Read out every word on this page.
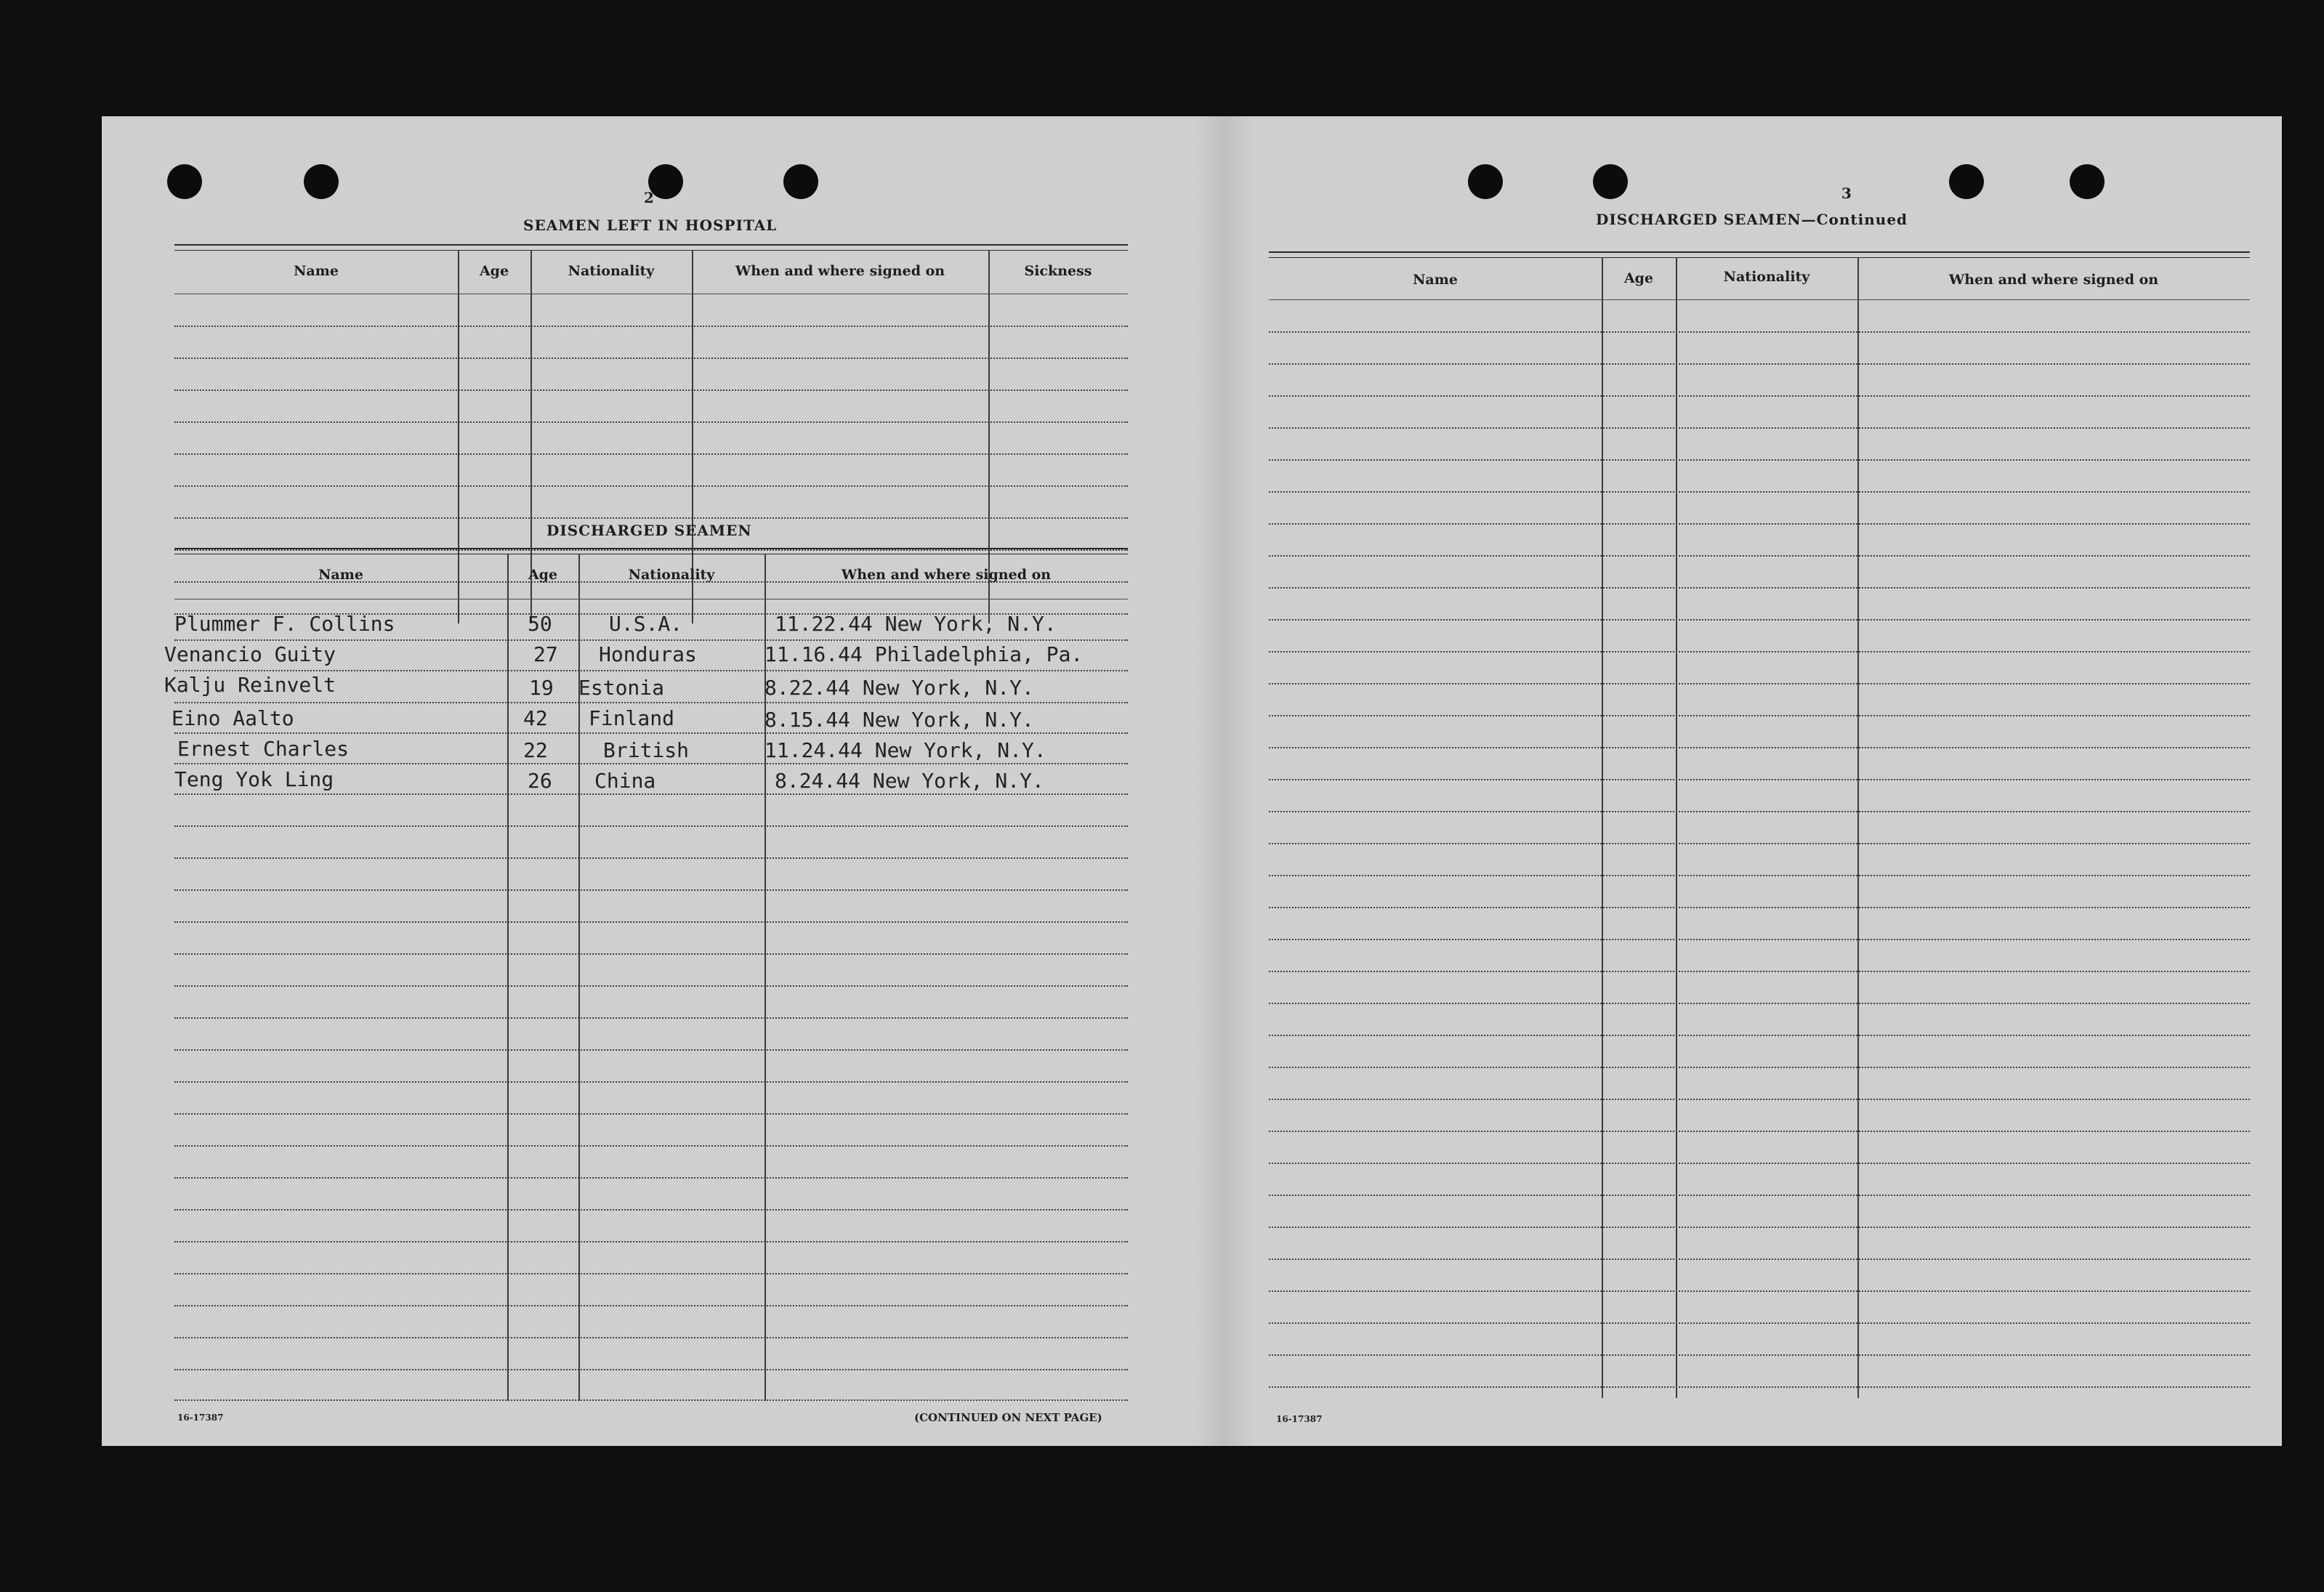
2
SEAMEN LEFT IN HOSPITAL
Name	Age	Nationality	When and where signed on	Sickness
DISCHARGED SEAMEN
Name	Age	Nationality	When and where signed on
Plummer F. Collins	50	U.S.A.	11.22.44 New York, N.Y.
Venancio Guity	27 Honduras	11.16.44 Philadelphia, Pa.
Kalju Reinvelt	19 Estonia	8.22.44 New York, N.Y.
Eino Aalto	42 Finland	8.15.44 New York, N.Y.
Ernest Charles	22	British	11.24.44 New York, N.Y.
Teng Yok Ling	26 China	8.24.44 New York, N.Y.
16-17387	(CONTINUED ON NEXT PAGE)
3
DISCHARGED SEAMEN—Continued
Name	Age	Nationality	When and where signed on
16-17387
